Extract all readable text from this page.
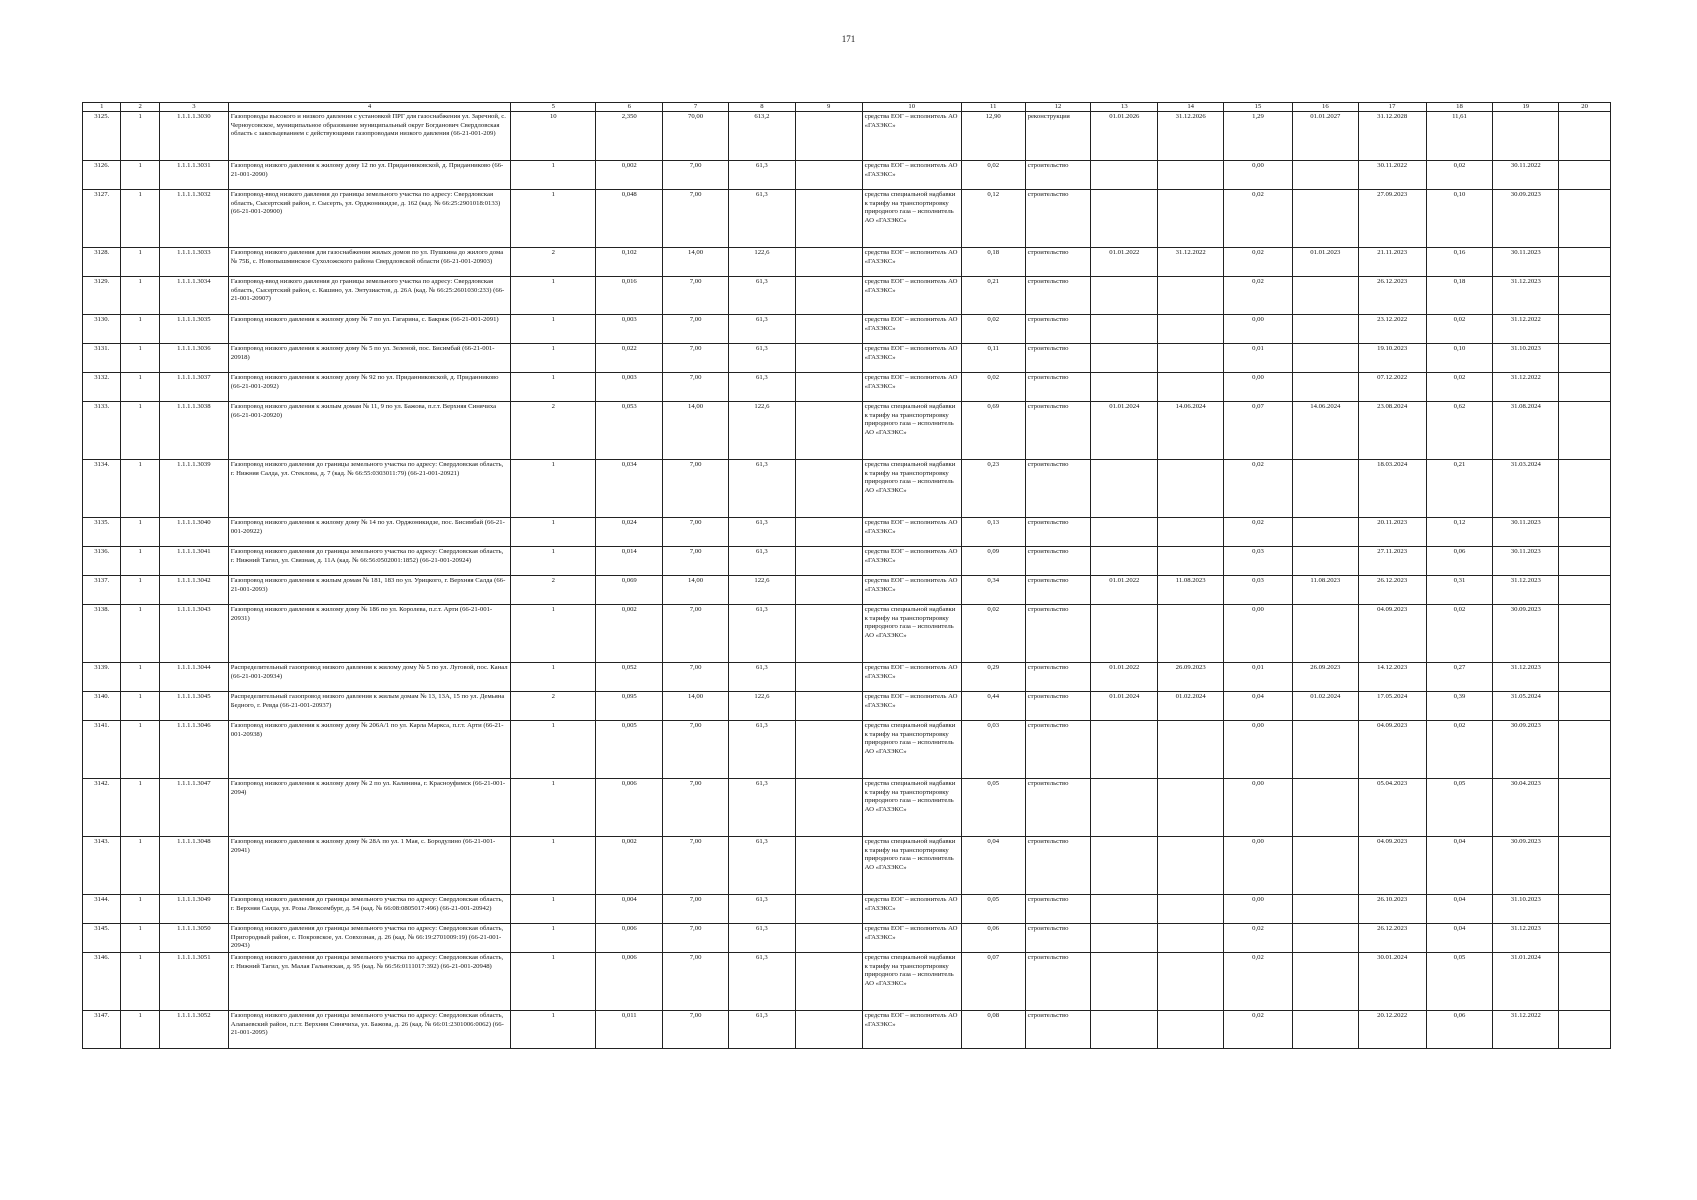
171
1	2	3	4	5	6	7	8	9	10	11	12	13	14	15	16	17	18	19	20
3125.	1	1.1.1.1.3030	Газопроводы высокого и низкого давления с установкой ПРГ для газоснабжения ул. Заречной, с. Черноусовское, муниципальное образование муниципальный округ Богданович Свердловская область с закольцеванием с действующими газопроводами низкого давления (66-21-001-209)	10	2,350	70,00	613,2		средства ЕОГ – исполнитель АО «ГАЗЭКС»	12,90	реконструкция	01.01.2026	31.12.2026	1,29	01.01.2027	31.12.2028	11,61		
3126.	1	1.1.1.1.3031	Газопровод низкого давления к жилому дому 12 по ул. Приданниковской, д. Приданниково (66-21-001-2090)	1	0,002	7,00	61,3		средства ЕОГ – исполнитель АО «ГАЗЭКС»	0,02	строительство			0,00		30.11.2022	0,02	30.11.2022	
3127.	1	1.1.1.1.3032	Газопровод-ввод низкого давления до границы земельного участка по адресу: Свердловская область, Сысертский район, г. Сысерть, ул. Орджоникидзе, д. 162 (кад. № 66:25:2901018:0133) (66-21-001-20900)	1	0,048	7,00	61,3		средства специальной надбавки к тарифу на транспортировку природного газа – исполнитель АО «ГАЗЭКС»	0,12	строительство			0,02		27.09.2023	0,10	30.09.2023	
3128.	1	1.1.1.1.3033	Газопровод низкого давления для газоснабжения жилых домов по ул. Пушкина до жилого дома № 75Б, с. Новопышминское Сухоложского района Свердловской области (66-21-001-20903)	2	0,102	14,00	122,6		средства ЕОГ – исполнитель АО «ГАЗЭКС»	0,18	строительство	01.01.2022	31.12.2022	0,02	01.01.2023	21.11.2023	0,16	30.11.2023	
3129.	1	1.1.1.1.3034	Газопровод-ввод низкого давления до границы земельного участка по адресу: Свердловская область, Сысертский район, с. Кашино, ул. Энтузиастов, д. 26А (кад. № 66:25:2601030:233) (66-21-001-20907)	1	0,016	7,00	61,3		средства ЕОГ – исполнитель АО «ГАЗЭКС»	0,21	строительство			0,02		26.12.2023	0,18	31.12.2023	
3130.	1	1.1.1.1.3035	Газопровод низкого давления к жилому дому № 7 по ул. Гагарина, с. Бакряж (66-21-001-2091)	1	0,003	7,00	61,3		средства ЕОГ – исполнитель АО «ГАЗЭКС»	0,02	строительство			0,00		23.12.2022	0,02	31.12.2022	
3131.	1	1.1.1.1.3036	Газопровод низкого давления к жилому дому № 5 по ул. Зеленой, пос. Бисимбай (66-21-001-20918)	1	0,022	7,00	61,3		средства ЕОГ – исполнитель АО «ГАЗЭКС»	0,11	строительство			0,01		19.10.2023	0,10	31.10.2023	
3132.	1	1.1.1.1.3037	Газопровод низкого давления к жилому дому № 92 по ул. Приданниковской, д. Приданниково (66-21-001-2092)	1	0,003	7,00	61,3		средства ЕОГ – исполнитель АО «ГАЗЭКС»	0,02	строительство			0,00		07.12.2022	0,02	31.12.2022	
3133.	1	1.1.1.1.3038	Газопровод низкого давления к жилым домам № 11, 9 по ул. Бажова, п.г.т. Верхняя Синячиха (66-21-001-20920)	2	0,053	14,00	122,6		средства специальной надбавки к тарифу на транспортировку природного газа – исполнитель АО «ГАЗЭКС»	0,69	строительство	01.01.2024	14.06.2024	0,07	14.06.2024	23.08.2024	0,62	31.08.2024	
3134.	1	1.1.1.1.3039	Газопровод низкого давления до границы земельного участка по адресу: Свердловская область, г. Нижняя Салда, ул. Стеклова, д. 7 (кад. № 66:55:0303011:79) (66-21-001-20921)	1	0,034	7,00	61,3		средства специальной надбавки к тарифу на транспортировку природного газа – исполнитель АО «ГАЗЭКС»	0,23	строительство			0,02		18.03.2024	0,21	31.03.2024	
3135.	1	1.1.1.1.3040	Газопровод низкого давления к жилому дому № 14 по ул. Орджоникидзе, пос. Бисимбай (66-21-001-20922)	1	0,024	7,00	61,3		средства ЕОГ – исполнитель АО «ГАЗЭКС»	0,13	строительство			0,02		20.11.2023	0,12	30.11.2023	
3136.	1	1.1.1.1.3041	Газопровод низкого давления до границы земельного участка по адресу: Свердловская область, г. Нижний Тагил, ул. Связная, д. 11А (кад. № 66:56:0502001:1852) (66-21-001-20924)	1	0,014	7,00	61,3		средства ЕОГ – исполнитель АО «ГАЗЭКС»	0,09	строительство			0,03		27.11.2023	0,06	30.11.2023	
3137.	1	1.1.1.1.3042	Газопровод низкого давления к жилым домам № 181, 183 по ул. Урицкого, г. Верхняя Салда (66-21-001-2093)	2	0,069	14,00	122,6		средства ЕОГ – исполнитель АО «ГАЗЭКС»	0,34	строительство	01.01.2022	11.08.2023	0,03	11.08.2023	26.12.2023	0,31	31.12.2023	
3138.	1	1.1.1.1.3043	Газопровод низкого давления к жилому дому № 186 по ул. Королева, п.г.т. Арти (66-21-001-20931)	1	0,002	7,00	61,3		средства специальной надбавки к тарифу на транспортировку природного газа – исполнитель АО «ГАЗЭКС»	0,02	строительство			0,00		04.09.2023	0,02	30.09.2023	
3139.	1	1.1.1.1.3044	Распределительный газопровод низкого давления к жилому дому № 5 по ул. Луговой, пос. Канал (66-21-001-20934)	1	0,052	7,00	61,3		средства ЕОГ – исполнитель АО «ГАЗЭКС»	0,29	строительство	01.01.2022	26.09.2023	0,01	26.09.2023	14.12.2023	0,27	31.12.2023	
3140.	1	1.1.1.1.3045	Распределительный газопровод низкого давления к жилым домам № 13, 13А, 15 по ул. Демьяна Бедного, г. Ревда (66-21-001-20937)	2	0,095	14,00	122,6		средства ЕОГ – исполнитель АО «ГАЗЭКС»	0,44	строительство	01.01.2024	01.02.2024	0,04	01.02.2024	17.05.2024	0,39	31.05.2024	
3141.	1	1.1.1.1.3046	Газопровод низкого давления к жилому дому № 206А/1 по ул. Карла Маркса, п.г.т. Арти (66-21-001-20938)	1	0,005	7,00	61,3		средства специальной надбавки к тарифу на транспортировку природного газа – исполнитель АО «ГАЗЭКС»	0,03	строительство			0,00		04.09.2023	0,02	30.09.2023	
3142.	1	1.1.1.1.3047	Газопровод низкого давления к жилому дому № 2 по ул. Калинина, г. Красноуфимск (66-21-001-2094)	1	0,006	7,00	61,3		средства специальной надбавки к тарифу на транспортировку природного газа – исполнитель АО «ГАЗЭКС»	0,05	строительство			0,00		05.04.2023	0,05	30.04.2023	
3143.	1	1.1.1.1.3048	Газопровод низкого давления к жилому дому № 28А по ул. 1 Мая, с. Бородулино (66-21-001-20941)	1	0,002	7,00	61,3		средства специальной надбавки к тарифу на транспортировку природного газа – исполнитель АО «ГАЗЭКС»	0,04	строительство			0,00		04.09.2023	0,04	30.09.2023	
3144.	1	1.1.1.1.3049	Газопровод низкого давления до границы земельного участка по адресу: Свердловская область, г. Верхняя Салда, ул. Розы Люксембург, д. 54 (кад. № 66:08:0805017:496) (66-21-001-20942)	1	0,004	7,00	61,3		средства ЕОГ – исполнитель АО «ГАЗЭКС»	0,05	строительство			0,00		26.10.2023	0,04	31.10.2023	
3145.	1	1.1.1.1.3050	Газопровод низкого давления до границы земельного участка по адресу: Свердловская область, Пригородный район, с. Покровское, ул. Совхозная, д. 26 (кад. № 66:19:2701009:19) (66-21-001-20943)	1	0,006	7,00	61,3		средства ЕОГ – исполнитель АО «ГАЗЭКС»	0,06	строительство			0,02		26.12.2023	0,04	31.12.2023	
3146.	1	1.1.1.1.3051	Газопровод низкого давления до границы земельного участка по адресу: Свердловская область, г. Нижний Тагил, ул. Малая Гальянская, д. 95 (кад. № 66:56:0111017:392) (66-21-001-20948)	1	0,006	7,00	61,3		средства специальной надбавки к тарифу на транспортировку природного газа – исполнитель АО «ГАЗЭКС»	0,07	строительство			0,02		30.01.2024	0,05	31.01.2024	
3147.	1	1.1.1.1.3052	Газопровод низкого давления до границы земельного участка по адресу: Свердловская область, Алапаевский район, п.г.т. Верхняя Синячиха, ул. Бажова, д. 26 (кад. № 66:01:2301006:0062) (66-21-001-2095)	1	0,011	7,00	61,3		средства ЕОГ – исполнитель АО «ГАЗЭКС»	0,08	строительство			0,02		20.12.2022	0,06	31.12.2022	
